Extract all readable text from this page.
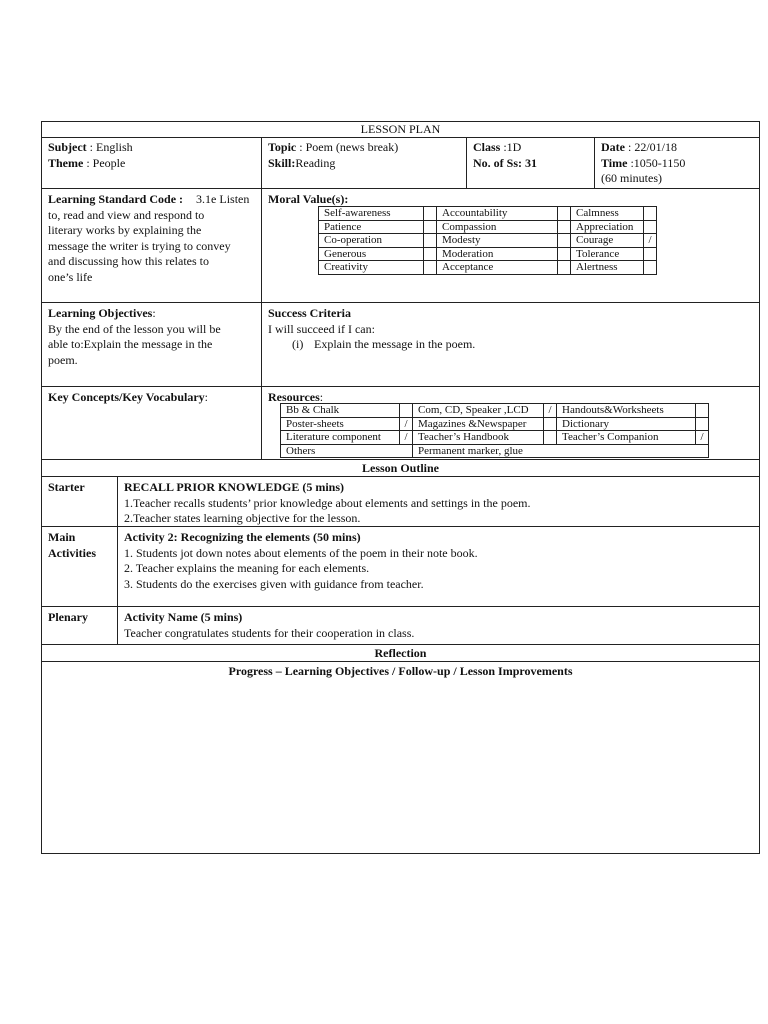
LESSON PLAN
Subject : English
Theme : People
Topic : Poem (news break)
Skill:Reading
Class :1D
No. of Ss: 31
Date : 22/01/18
Time :1050-1150
(60 minutes)
Learning Standard Code : 3.1e Listen
to, read and view and respond to
literary works by explaining the
message the writer is trying to convey
and discussing how this relates to
one’s life
Moral Value(s):
Self-awareness		Accountability		Calmness	
Patience		Compassion		Appreciation	
Co-operation		Modesty		Courage	/
Generous		Moderation		Tolerance	
Creativity		Acceptance		Alertness	
Learning Objectives:
By the end of the lesson you will be
able to:Explain the message in the
poem.
Success Criteria
I will succeed if I can:
(i) Explain the message in the poem.
Key Concepts/Key Vocabulary:	Resources:
Bb & Chalk		Com, CD, Speaker ,LCD	/	Handouts&Worksheets	
Poster-sheets	/	Magazines &Newspaper		Dictionary	
Literature component	/	Teacher’s Handbook		Teacher’s Companion	/
Others		Permanent marker, glue			
Lesson Outline
Starter	RECALL PRIOR KNOWLEDGE (5 mins)
1.Teacher recalls students’ prior knowledge about elements and settings in the poem.
2.Teacher states learning objective for the lesson.
Main
Activities
Activity 2: Recognizing the elements (50 mins)
1. Students jot down notes about elements of the poem in their note book.
2. Teacher explains the meaning for each elements.
3. Students do the exercises given with guidance from teacher.
Plenary	Activity Name (5 mins)
Teacher congratulates students for their cooperation in class.
Reflection
Progress – Learning Objectives / Follow-up / Lesson Improvements
